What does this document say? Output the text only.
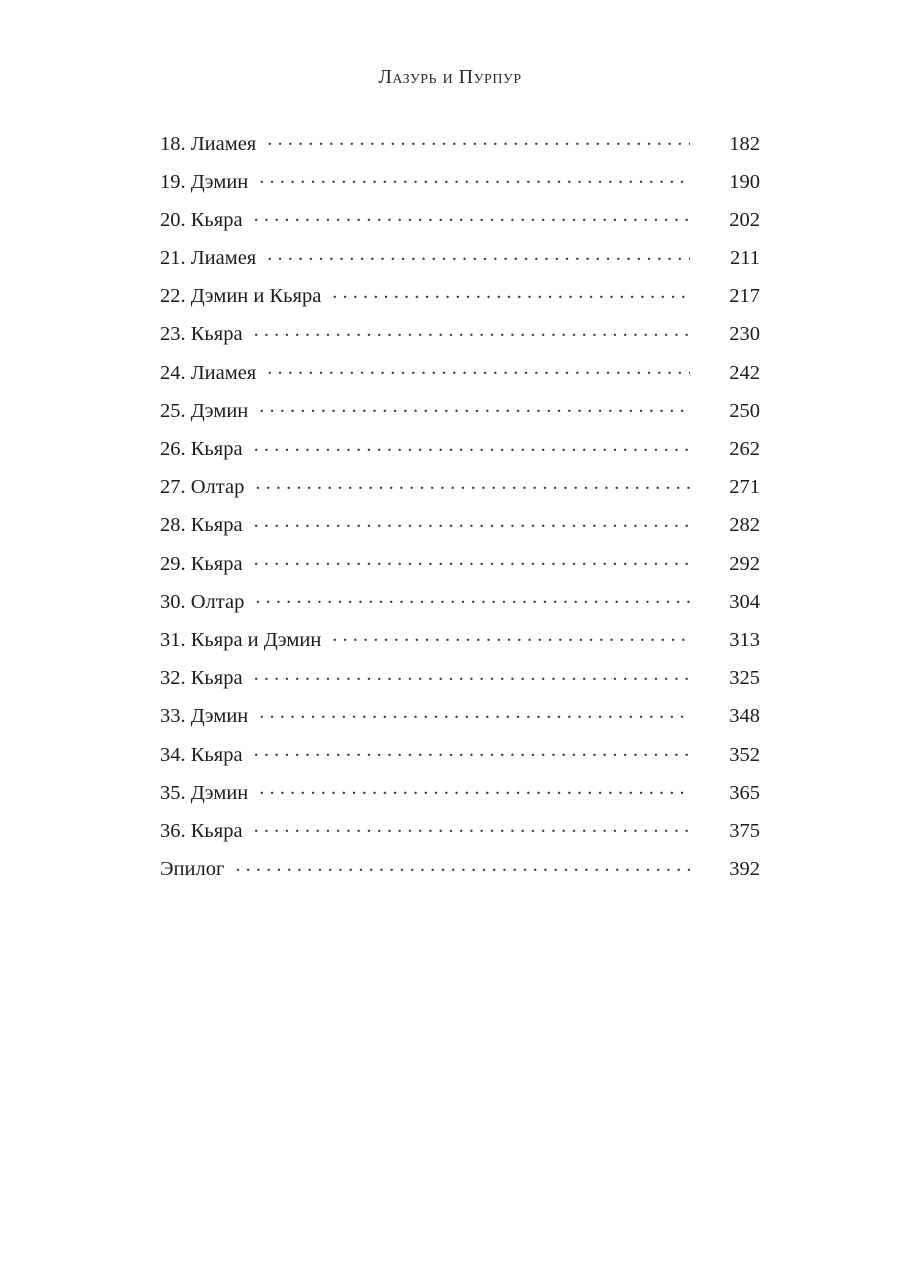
Лазурь и Пурпур
18. Лиамея . . .	182
19. Дэмин . . .	190
20. Кьяра . . .	202
21. Лиамея . . .	211
22. Дэмин и Кьяра . . .	217
23. Кьяра . . .	230
24. Лиамея . . .	242
25. Дэмин . . .	250
26. Кьяра . . .	262
27. Олтар . . .	271
28. Кьяра . . .	282
29. Кьяра . . .	292
30. Олтар . . .	304
31. Кьяра и Дэмин . . .	313
32. Кьяра . . .	325
33. Дэмин . . .	348
34. Кьяра . . .	352
35. Дэмин . . .	365
36. Кьяра . . .	375
Эпилог . . .	392
